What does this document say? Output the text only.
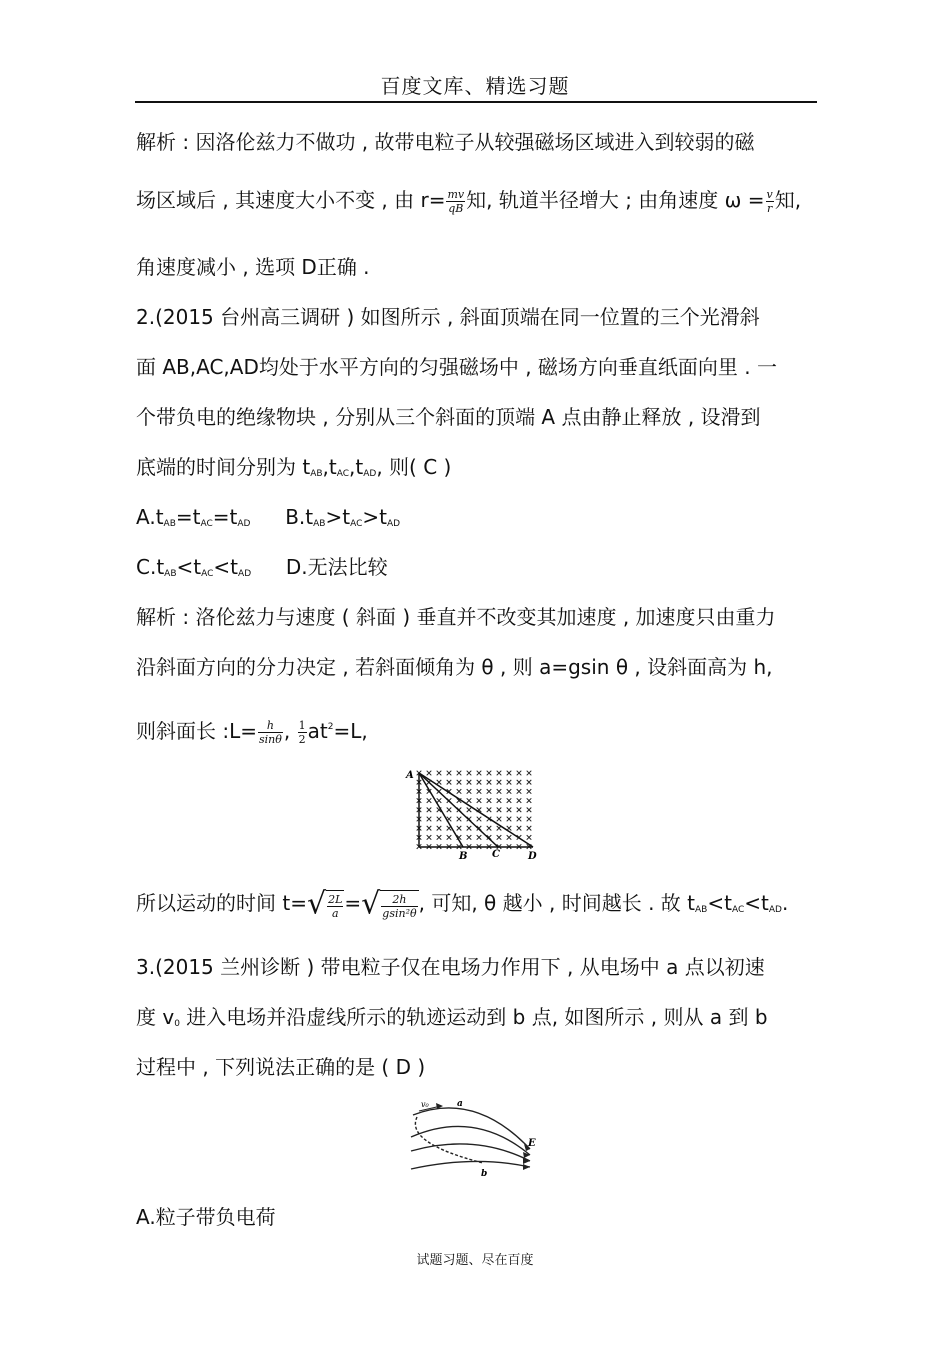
百度文库、精选习题
解析 : 因洛伦兹力不做功 , 故带电粒子从较强磁场区域进入到较弱的磁
场区域后 , 其速度大小不变 , 由 $r= \frac{mv}{qB}$ 知, 轨道半径增大 ; 由角速度 $\omega = \frac{v}{r}$ 知,
角速度减小 , 选项 D正确 .
2.(2015 台州高三调研 ) 如图所示 , 斜面顶端在同一位置的三个光滑斜
面 AB,AC,AD均处于水平方向的匀强磁场中 , 磁场方向垂直纸面向里 . 一
个带负电的绝缘物块 , 分别从三个斜面的顶端 A 点由静止释放 , 设滑到
底端的时间分别为 $t_{AB},t_{AC},t_{AD}$, 则( C )
$A.t_{AB}=t_{AC}=t_{AD}$ $B.t_{AB}>t_{AC}>t_{AD}$
$C.t_{AB}<t_{AC}<t_{AD}$ D.无法比较
解析 : 洛伦兹力与速度 ( 斜面 ) 垂直并不改变其加速度 , 加速度只由重力
沿斜面方向的分力决定 , 若斜面倾角为 θ , 则 a=gsin θ , 设斜面高为 h,
则斜面长 :L= $\frac{h}{\sin\theta}$ , $\frac{1}{2} at^2=L$,
A
B C	D
所以运动的时间 $t=√ \frac{2L}{a}$ =√ $\frac{2h}{\text{gsin²θ}}$ , 可知, θ 越小 , 时间越长 . 故 $t_{AB}<t_{AC}<t_{AD}$.
3.(2015 兰州诊断 ) 带电粒子仅在电场力作用下 , 从电场中 a 点以初速
度 $v_0$ 进入电场并沿虚线所示的轨迹运动到 b 点, 如图所示 , 则从 a 到 b
过程中 , 下列说法正确的是 ( D )
v₀	a
b
E
A.粒子带负电荷
试题习题、尽在百度
